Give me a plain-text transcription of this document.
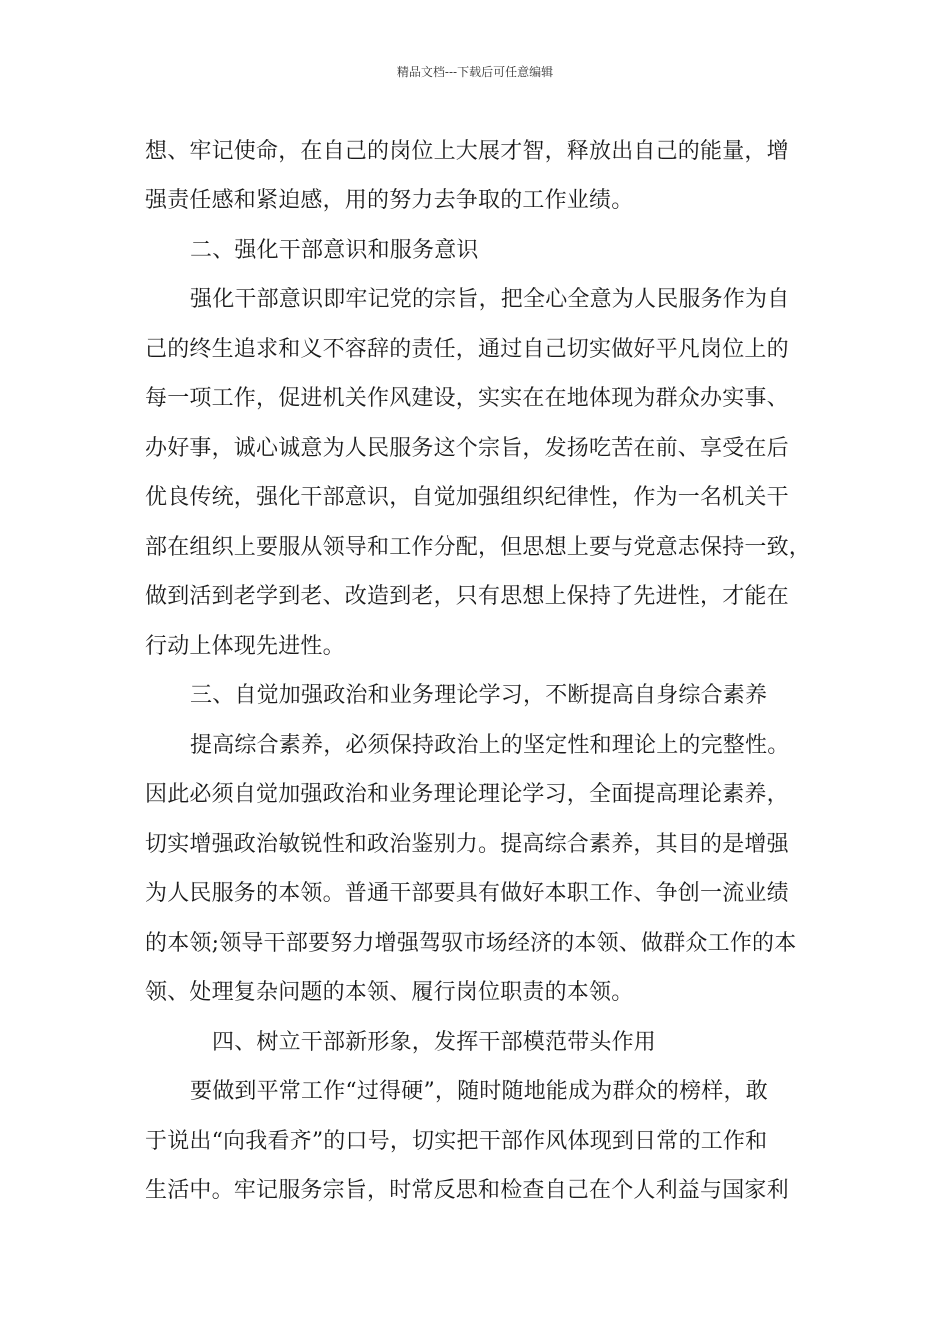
精品文档---下载后可任意编辑
想、牢记使命，在自己的岗位上大展才智，释放出自己的能量，增
强责任感和紧迫感，用的努力去争取的工作业绩。
二、强化干部意识和服务意识
强化干部意识即牢记党的宗旨，把全心全意为人民服务作为自
己的终生追求和义不容辞的责任，通过自己切实做好平凡岗位上的
每一项工作，促进机关作风建设，实实在在地体现为群众办实事、
办好事，诚心诚意为人民服务这个宗旨，发扬吃苦在前、享受在后
优良传统，强化干部意识，自觉加强组织纪律性，作为一名机关干
部在组织上要服从领导和工作分配，但思想上要与党意志保持一致，
做到活到老学到老、改造到老，只有思想上保持了先进性，才能在
行动上体现先进性。
三、自觉加强政治和业务理论学习，不断提高自身综合素养
提高综合素养，必须保持政治上的坚定性和理论上的完整性。
因此必须自觉加强政治和业务理论理论学习，全面提高理论素养，
切实增强政治敏锐性和政治鉴别力。提高综合素养，其目的是增强
为人民服务的本领。普通干部要具有做好本职工作、争创一流业绩
的本领;领导干部要努力增强驾驭市场经济的本领、做群众工作的本
领、处理复杂问题的本领、履行岗位职责的本领。
四、树立干部新形象，发挥干部模范带头作用
要做到平常工作“过得硬”，随时随地能成为群众的榜样，敢
于说出“向我看齐”的口号，切实把干部作风体现到日常的工作和
生活中。牢记服务宗旨，时常反思和检查自己在个人利益与国家利
